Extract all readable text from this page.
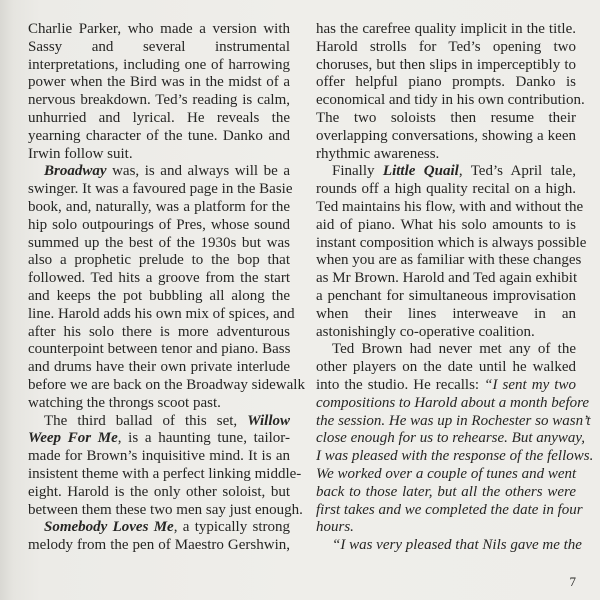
Charlie Parker, who made a version with
Sassy and several instrumental
interpretations, including one of harrowing
power when the Bird was in the midst of a
nervous breakdown. Ted’s reading is calm,
unhurried and lyrical. He reveals the
yearning character of the tune. Danko and
Irwin follow suit.
Broadway was, is and always will be a
swinger. It was a favoured page in the Basie
book, and, naturally, was a platform for the
hip solo outpourings of Pres, whose sound
summed up the best of the 1930s but was
also a prophetic prelude to the bop that
followed. Ted hits a groove from the start
and keeps the pot bubbling all along the
line. Harold adds his own mix of spices, and
after his solo there is more adventurous
counterpoint between tenor and piano. Bass
and drums have their own private interlude
before we are back on the Broadway sidewalk
watching the throngs scoot past.
The third ballad of this set, Willow
Weep For Me, is a haunting tune, tailor-
made for Brown’s inquisitive mind. It is an
insistent theme with a perfect linking middle-
eight. Harold is the only other soloist, but
between them these two men say just enough.
Somebody Loves Me, a typically strong
melody from the pen of Maestro Gershwin,
has the carefree quality implicit in the title.
Harold strolls for Ted’s opening two
choruses, but then slips in imperceptibly to
offer helpful piano prompts. Danko is
economical and tidy in his own contribution.
The two soloists then resume their
overlapping conversations, showing a keen
rhythmic awareness.
Finally Little Quail, Ted’s April tale,
rounds off a high quality recital on a high.
Ted maintains his flow, with and without the
aid of piano. What his solo amounts to is
instant composition which is always possible
when you are as familiar with these changes
as Mr Brown. Harold and Ted again exhibit
a penchant for simultaneous improvisation
when their lines interweave in an
astonishingly co-operative coalition.
Ted Brown had never met any of the
other players on the date until he walked
into the studio. He recalls: “I sent my two
compositions to Harold about a month before
the session. He was up in Rochester so wasn’t
close enough for us to rehearse. But anyway,
I was pleased with the response of the fellows.
We worked over a couple of tunes and went
back to those later, but all the others were
first takes and we completed the date in four
hours.
“I was very pleased that Nils gave me the
7
